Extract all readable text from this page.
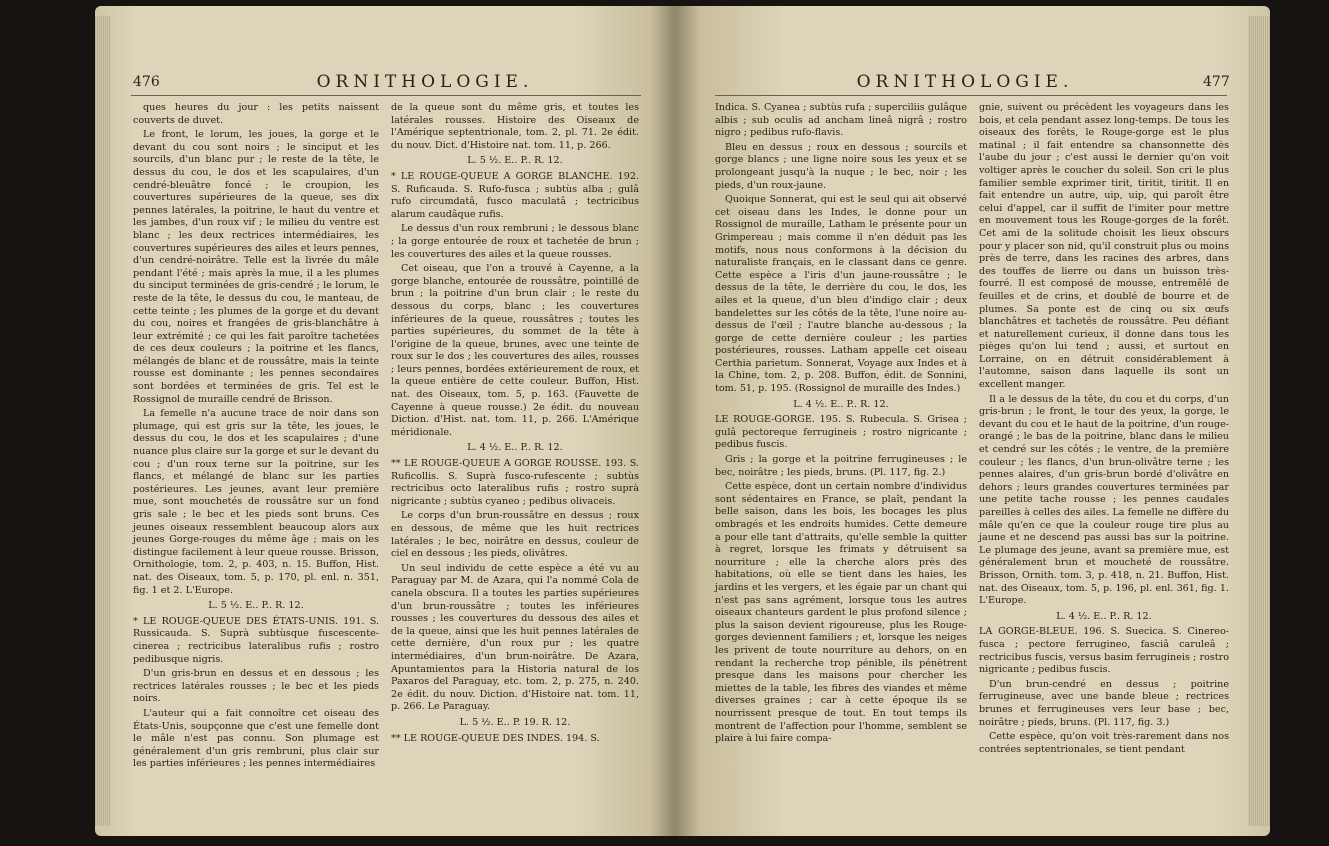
476	ORNITHOLOGIE.

ques heures du jour : les petits naissent couverts de duvet.

Le front, le lorum, les joues, la gorge et le devant du cou sont noirs ; le sinciput et les sourcils, d'un blanc pur ; le reste de la tête, le dessus du cou, le dos et les scapulaires, d'un cendré-bleuâtre foncé ; le croupion, les couvertures supérieures de la queue, ses dix pennes latérales, la poitrine, le haut du ventre et les jambes, d'un roux vif ; le milieu du ventre est blanc ; les deux rectrices intermédiaires, les couvertures supérieures des ailes et leurs pennes, d'un cendré-noirâtre. Telle est la livrée du mâle pendant l'été ; mais après la mue, il a les plumes du sinciput terminées de gris-cendré ; le lorum, le reste de la tête, le dessus du cou, le manteau, de cette teinte ; les plumes de la gorge et du devant du cou, noires et frangées de gris-blanchâtre à leur extrémité ; ce qui les fait paroître tachetées de ces deux couleurs ; la poitrine et les flancs, mélangés de blanc et de roussâtre, mais la teinte rousse est dominante ; les pennes secondaires sont bordées et terminées de gris. Tel est le Rossignol de muraille cendré de Brisson.

La femelle n'a aucune trace de noir dans son plumage, qui est gris sur la tête, les joues, le dessus du cou, le dos et les scapulaires ; d'une nuance plus claire sur la gorge et sur le devant du cou ; d'un roux terne sur la poitrine, sur les flancs, et mélangé de blanc sur les parties postérieures. Les jeunes, avant leur première mue, sont mouchetés de roussâtre sur un fond gris sale ; le bec et les pieds sont bruns. Ces jeunes oiseaux ressemblent beaucoup alors aux jeunes Gorge-rouges du même âge ; mais on les distingue facilement à leur queue rousse. Brisson, Ornithologie, tom. 2, p. 403, n. 15. Buffon, Hist. nat. des Oiseaux, tom. 5, p. 170, pl. enl. n. 351, fig. 1 et 2. L'Europe.

L. 5 ½. E.. P.. R. 12.

* LE ROUGE-QUEUE DES ÉTATS-UNIS. 191. S. Russicauda. S. Suprà subtùsque fuscescente-cinerea ; rectricibus lateralibus rufis ; rostro pedibusque nigris.

D'un gris-brun en dessus et en dessous ; les rectrices latérales rousses ; le bec et les pieds noirs.

L'auteur qui a fait connoître cet oiseau des États-Unis, soupçonne que c'est une femelle dont le mâle n'est pas connu. Son plumage est généralement d'un gris rembruni, plus clair sur les parties inférieures ; les pennes intermédiaires

de la queue sont du même gris, et toutes les latérales rousses. Histoire des Oiseaux de l'Amérique septentrionale, tom. 2, pl. 71. 2e édit. du nouv. Dict. d'Histoire nat. tom. 11, p. 266.

L. 5 ½. E.. P.. R. 12.

* LE ROUGE-QUEUE A GORGE BLANCHE. 192. S. Ruficauda. S. Rufo-fusca ; subtùs alba ; gulâ rufo circumdatâ, fusco maculatâ ; tectricibus alarum caudâque rufis.

Le dessus d'un roux rembruni ; le dessous blanc ; la gorge entourée de roux et tachetée de brun ; les couvertures des ailes et la queue rousses.

Cet oiseau, que l'on a trouvé à Cayenne, a la gorge blanche, entourée de roussâtre, pointillé de brun ; la poitrine d'un brun clair ; le reste du dessous du corps, blanc ; les couvertures inférieures de la queue, roussâtres ; toutes les parties supérieures, du sommet de la tête à l'origine de la queue, brunes, avec une teinte de roux sur le dos ; les couvertures des ailes, rousses ; leurs pennes, bordées extérieurement de roux, et la queue entière de cette couleur. Buffon, Hist. nat. des Oiseaux, tom. 5, p. 163. (Fauvette de Cayenne à queue rousse.) 2e édit. du nouveau Diction. d'Hist. nat. tom. 11, p. 266. L'Amérique méridionale.

L. 4 ½. E.. P.. R. 12.

** LE ROUGE-QUEUE A GORGE ROUSSE. 193. S. Ruficollis. S. Suprà fusco-rufescente ; subtùs rectricibus octo lateralibus rufis ; rostro suprà nigricante ; subtùs cyaneo ; pedibus olivaceis.

Le corps d'un brun-roussâtre en dessus ; roux en dessous, de même que les huit rectrices latérales ; le bec, noirâtre en dessus, couleur de ciel en dessous ; les pieds, olivâtres.

Un seul individu de cette espèce a été vu au Paraguay par M. de Azara, qui l'a nommé Cola de canela obscura. Il a toutes les parties supérieures d'un brun-roussâtre ; toutes les inférieures rousses ; les couvertures du dessous des ailes et de la queue, ainsi que les huit pennes latérales de cette dernière, d'un roux pur ; les quatre intermédiaires, d'un brun-noirâtre. De Azara, Apuntamientos para la Historia natural de los Paxaros del Paraguay, etc. tom. 2, p. 275, n. 240. 2e édit. du nouv. Diction. d'Histoire nat. tom. 11, p. 266. Le Paraguay.

L. 5 ½. E.. P. 19. R. 12.

** LE ROUGE-QUEUE DES INDES. 194. S.

ORNITHOLOGIE.	477

Indica. S. Cyanea ; subtùs rufa ; superciliis gulâque albis ; sub oculis ad ancham lineâ nigrâ ; rostro nigro ; pedibus rufo-flavis.

Bleu en dessus ; roux en dessous ; sourcils et gorge blancs ; une ligne noire sous les yeux et se prolongeant jusqu'à la nuque ; le bec, noir ; les pieds, d'un roux-jaune.

Quoique Sonnerat, qui est le seul qui ait observé cet oiseau dans les Indes, le donne pour un Rossignol de muraille, Latham le présente pour un Grimpereau ; mais comme il n'en déduit pas les motifs, nous nous conformons à la décision du naturaliste français, en le classant dans ce genre. Cette espèce a l'iris d'un jaune-roussâtre ; le dessus de la tête, le derrière du cou, le dos, les ailes et la queue, d'un bleu d'indigo clair ; deux bandelettes sur les côtés de la tête, l'une noire au-dessus de l'œil ; l'autre blanche au-dessous ; la gorge de cette dernière couleur ; les parties postérieures, rousses. Latham appelle cet oiseau Certhia parietum. Sonnerat, Voyage aux Indes et à la Chine, tom. 2, p. 208. Buffon, édit. de Sonnini, tom. 51, p. 195. (Rossignol de muraille des Indes.)

L. 4 ½. E.. P.. R. 12.

LE ROUGE-GORGE. 195. S. Rubecula. S. Grisea ; gulâ pectoreque ferrugineis ; rostro nigricante ; pedibus fuscis.

Gris ; la gorge et la poitrine ferrugineuses ; le bec, noirâtre ; les pieds, bruns. (Pl. 117, fig. 2.)

Cette espèce, dont un certain nombre d'individus sont sédentaires en France, se plaît, pendant la belle saison, dans les bois, les bocages les plus ombragés et les endroits humides. Cette demeure a pour elle tant d'attraits, qu'elle semble la quitter à regret, lorsque les frimats y détruisent sa nourriture ; elle la cherche alors près des habitations, où elle se tient dans les haies, les jardins et les vergers, et les égaie par un chant qui n'est pas sans agrément, lorsque tous les autres oiseaux chanteurs gardent le plus profond silence ; plus la saison devient rigoureuse, plus les Rouge-gorges deviennent familiers ; et, lorsque les neiges les privent de toute nourriture au dehors, on en rendant la recherche trop pénible, ils pénètrent presque dans les maisons pour chercher les miettes de la table, les fibres des viandes et même diverses graines ; car à cette époque ils se nourrissent presque de tout. En tout temps ils montrent de l'affection pour l'homme, semblent se plaire à lui faire compa-

gnie, suivent ou précèdent les voyageurs dans les bois, et cela pendant assez long-temps. De tous les oiseaux des forêts, le Rouge-gorge est le plus matinal ; il fait entendre sa chansonnette dès l'aube du jour ; c'est aussi le dernier qu'on voit voltiger après le coucher du soleil. Son cri le plus familier semble exprimer tirit, tiritit, tiritit. Il en fait entendre un autre, uip, uip, qui paroît être celui d'appel, car il suffit de l'imiter pour mettre en mouvement tous les Rouge-gorges de la forêt. Cet ami de la solitude choisit les lieux obscurs pour y placer son nid, qu'il construit plus ou moins près de terre, dans les racines des arbres, dans des touffes de lierre ou dans un buisson très-fourré. Il est composé de mousse, entremêlé de feuilles et de crins, et doublé de bourre et de plumes. Sa ponte est de cinq ou six œufs blanchâtres et tachetés de roussâtre. Peu défiant et naturellement curieux, il donne dans tous les pièges qu'on lui tend ; aussi, et surtout en Lorraine, on en détruit considérablement à l'automne, saison dans laquelle ils sont un excellent manger.

Il a le dessus de la tête, du cou et du corps, d'un gris-brun ; le front, le tour des yeux, la gorge, le devant du cou et le haut de la poitrine, d'un rouge-orangé ; le bas de la poitrine, blanc dans le milieu et cendré sur les côtés ; le ventre, de la première couleur ; les flancs, d'un brun-olivâtre terne ; les pennes alaires, d'un gris-brun bordé d'olivâtre en dehors ; leurs grandes couvertures terminées par une petite tache rousse ; les pennes caudales pareilles à celles des ailes. La femelle ne diffère du mâle qu'en ce que la couleur rouge tire plus au jaune et ne descend pas aussi bas sur la poitrine. Le plumage des jeune, avant sa première mue, est généralement brun et moucheté de roussâtre. Brisson, Ornith. tom. 3, p. 418, n. 21. Buffon, Hist. nat. des Oiseaux, tom. 5, p. 196, pl. enl. 361, fig. 1. L'Europe.

L. 4 ½. E.. P.. R. 12.

LA GORGE-BLEUE. 196. S. Suecica. S. Cinereo-fusca ; pectore ferrugineo, fasciâ caruleâ ; rectricibus fuscis, versus basim ferrugineis ; rostro nigricante ; pedibus fuscis.

D'un brun-cendré en dessus ; poitrine ferrugineuse, avec une bande bleue ; rectrices brunes et ferrugineuses vers leur base ; bec, noirâtre ; pieds, bruns. (Pl. 117, fig. 3.)

Cette espèce, qu'on voit très-rarement dans nos contrées septentrionales, se tient pendant
